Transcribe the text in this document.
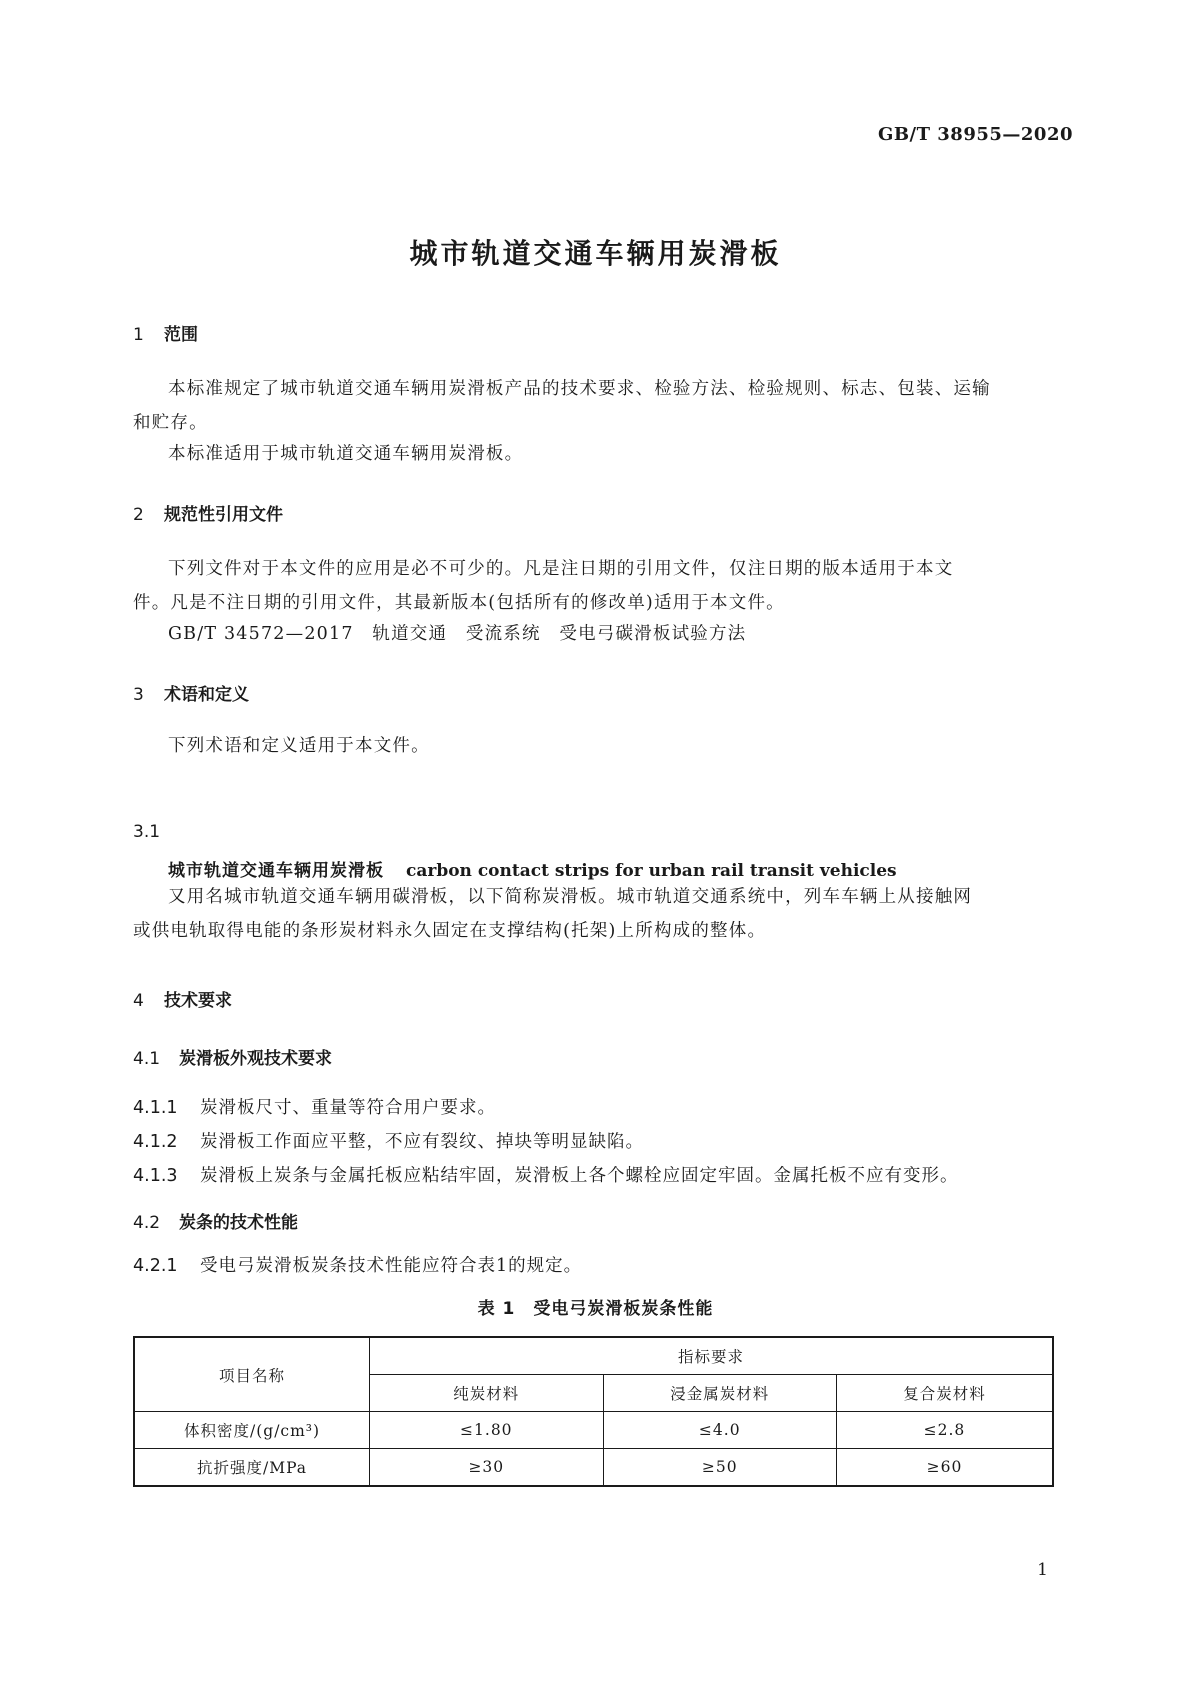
GB/T 38955—2020
城市轨道交通车辆用炭滑板
1 范围
本标准规定了城市轨道交通车辆用炭滑板产品的技术要求、检验方法、检验规则、标志、包装、运输
和贮存。
本标准适用于城市轨道交通车辆用炭滑板。
2 规范性引用文件
下列文件对于本文件的应用是必不可少的。凡是注日期的引用文件，仅注日期的版本适用于本文
件。凡是不注日期的引用文件，其最新版本(包括所有的修改单)适用于本文件。
GB/T 34572—2017　轨道交通　受流系统　受电弓碳滑板试验方法
3 术语和定义
下列术语和定义适用于本文件。
3.1
城市轨道交通车辆用炭滑板 carbon contact strips for urban rail transit vehicles
又用名城市轨道交通车辆用碳滑板，以下简称炭滑板。城市轨道交通系统中，列车车辆上从接触网
或供电轨取得电能的条形炭材料永久固定在支撑结构(托架)上所构成的整体。
4 技术要求
4.1 炭滑板外观技术要求
4.1.1 炭滑板尺寸、重量等符合用户要求。
4.1.2 炭滑板工作面应平整，不应有裂纹、掉块等明显缺陷。
4.1.3 炭滑板上炭条与金属托板应粘结牢固，炭滑板上各个螺栓应固定牢固。金属托板不应有变形。
4.2 炭条的技术性能
4.2.1 受电弓炭滑板炭条技术性能应符合表1的规定。
表 1　受电弓炭滑板炭条性能
项目名称	指标要求		
	纯炭材料	浸金属炭材料	复合炭材料
体积密度/(g/cm³)	≤1.80	≤4.0	≤2.8
抗折强度/MPa	≥30	≥50	≥60
1
